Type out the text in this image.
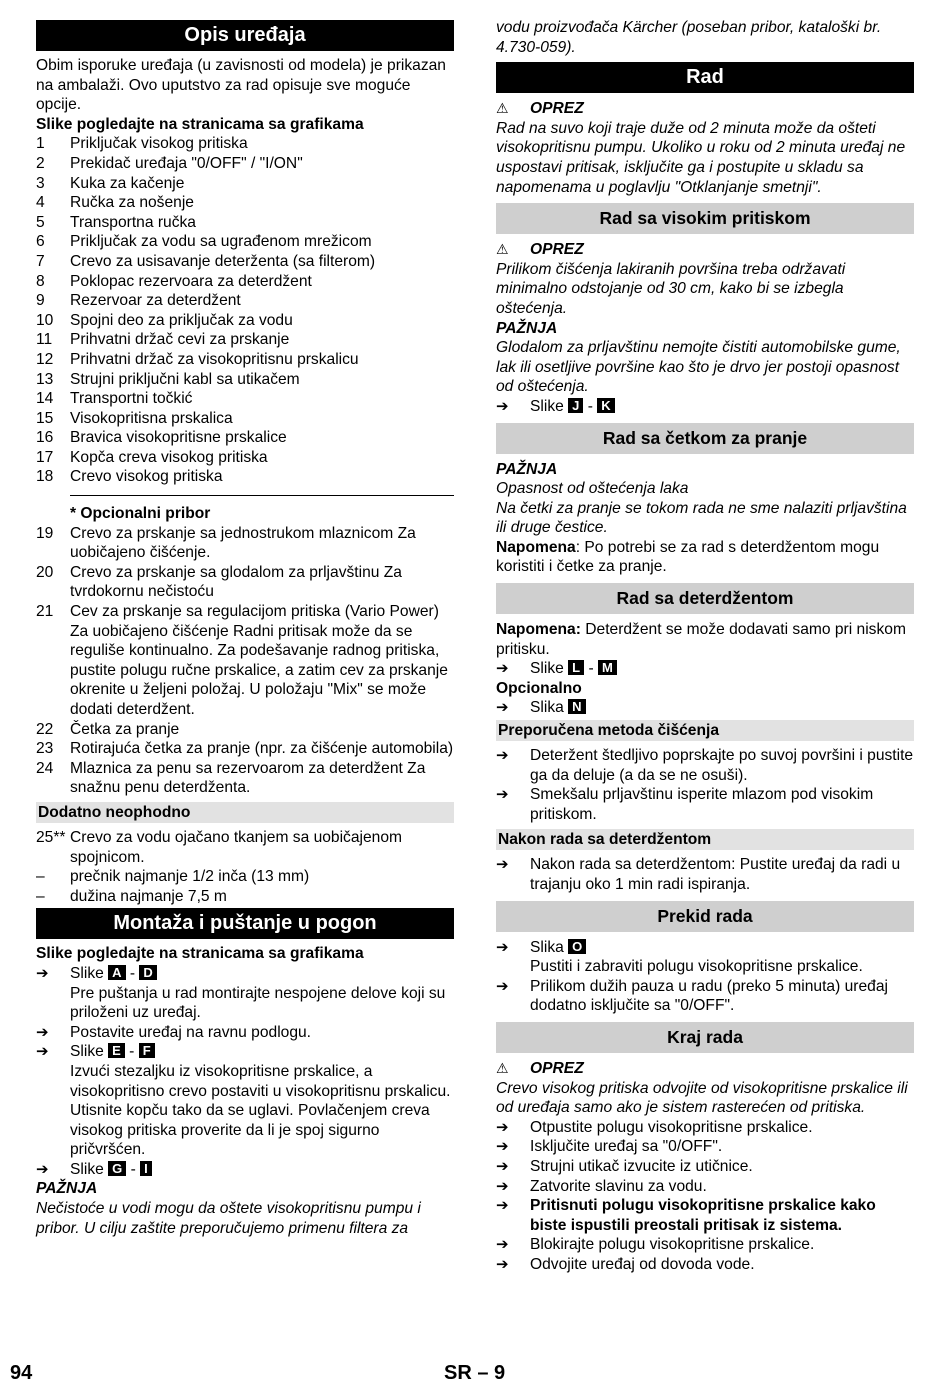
Opis uređaja

Obim isporuke uređaja (u zavisnosti od modela) je prikazan na ambalaži. Ovo uputstvo za rad opisuje sve moguće opcije.

Slike pogledajte na stranicama sa grafikama

1	Priključak visokog pritiska
2	Prekidač uređaja "0/OFF" / "I/ON"
3	Kuka za kačenje
4	Ručka za nošenje
5	Transportna ručka
6	Priključak za vodu sa ugrađenom mrežicom
7	Crevo za usisavanje deterženta (sa filterom)
8	Poklopac rezervoara za deterdžent
9	Rezervoar za deterdžent
10	Spojni deo za priključak za vodu
11	Prihvatni držač cevi za prskanje
12	Prihvatni držač za visokopritisnu prskalicu
13	Strujni priključni kabl sa utikačem
14	Transportni točkić
15	Visokopritisna prskalica
16	Bravica visokopritisne prskalice
17	Kopča creva visokog pritiska
18	Crevo visokog pritiska
* Opcionalni pribor
19	Crevo za prskanje sa jednostrukom mlaznicom Za uobičajeno čišćenje.
20	Crevo za prskanje sa glodalom za prljavštinu Za tvrdokornu nečistoću
21	Cev za prskanje sa regulacijom pritiska (Vario Power) Za uobičajeno čišćenje Radni pritisak može da se reguliše kontinualno. Za podešavanje radnog pritiska, pustite polugu ručne prskalice, a zatim cev za prskanje okrenite u željeni položaj. U položaju "Mix" se može dodati deterdžent.
22	Četka za pranje
23	Rotirajuća četka za pranje (npr. za čišćenje automobila)
24	Mlaznica za penu sa rezervoarom za deterdžent Za snažnu penu deterdženta.
Dodatno neophodno
25** Crevo za vodu ojačano tkanjem sa uobičajenom spojnicom.
–	prečnik najmanje 1/2 inča (13 mm)
–	dužina najmanje 7,5 m
Montaža i puštanje u pogon

Slike pogledajte na stranicama sa grafikama

➔	Slike A - D

Pre puštanja u rad montirajte nespojene delove koji su priloženi uz uređaj.

➔	Postavite uređaj na ravnu podlogu.

➔	Slike E - F

Izvući stezaljku iz visokopritisne prskalice, a visokopritisno crevo postaviti u visokopritisnu prskalicu.

Utisnite kopču tako da se uglavi. Povlačenjem creva visokog pritiska proverite da li je spoj sigurno pričvršćen.

➔	Slike G - I

PAŽNJA

Nečistoće u vodi mogu da oštete visokopritisnu pumpu i pribor. U cilju zaštite preporučujemo primenu filtera za

vodu proizvođača Kärcher (poseban pribor, kataloški br. 4.730-059).

Rad
⚠	OPREZ

Rad na suvo koji traje duže od 2 minuta može da ošteti visokopritisnu pumpu. Ukoliko u roku od 2 minuta uređaj ne uspostavi pritisak, isključite ga i postupite u skladu sa napomenama u poglavlju "Otklanjanje smetnji".

Rad sa visokim pritiskom
⚠	OPREZ

Prilikom čišćenja lakiranih površina treba održavati minimalno odstojanje od 30 cm, kako bi se izbegla oštećenja.

PAŽNJA

Glodalom za prljavštinu nemojte čistiti automobilske gume, lak ili osetljive površine kao što je drvo jer postoji opasnost od oštećenja.

➔	Slike J - K
Rad sa četkom za pranje

PAŽNJA

Opasnost od oštećenja laka

Na četki za pranje se tokom rada ne sme nalaziti prljavština ili druge čestice.

Napomena: Po potrebi se za rad s deterdžentom mogu koristiti i četke za pranje.

Rad sa deterdžentom

Napomena: Deterdžent se može dodavati samo pri niskom pritisku.

➔	Slike L - M

Opcionalno

➔	Slika N
Preporučena metoda čišćenja
➔	Deteržent štedljivo poprskajte po suvoj površini i pustite ga da deluje (a da se ne osuši).
➔	Smekšalu prljavštinu isperite mlazom pod visokim pritiskom.
Nakon rada sa deterdžentom
➔	Nakon rada sa deterdžentom: Pustite uređaj da radi u trajanju oko 1 min radi ispiranja.

Prekid rada
➔	Slika O

Pustiti i zabraviti polugu visokopritisne prskalice.

➔	Prilikom dužih pauza u radu (preko 5 minuta) uređaj dodatno isključite sa "0/OFF".

Kraj rada
⚠	OPREZ

Crevo visokog pritiska odvojite od visokopritisne prskalice ili od uređaja samo ako je sistem rasterećen od pritiska.

➔	Otpustite polugu visokopritisne prskalice.
➔	Isključite uređaj sa "0/OFF".
➔	Strujni utikač izvucite iz utičnice.
➔	Zatvorite slavinu za vodu.
➔	Pritisnuti polugu visokopritisne prskalice kako biste ispustili preostali pritisak iz sistema.
➔	Blokirajte polugu visokopritisne prskalice.
➔	Odvojite uređaj od dovoda vode.
94	SR – 9
